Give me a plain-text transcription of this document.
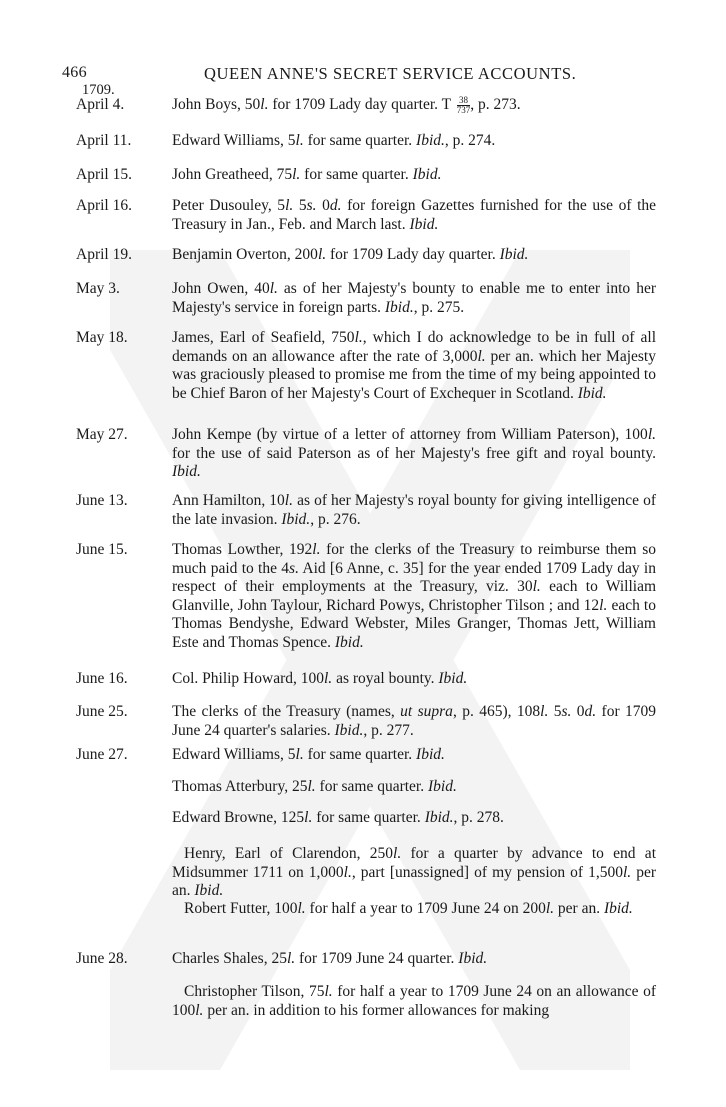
466	QUEEN ANNE'S SECRET SERVICE ACCOUNTS.
1709.
April 4.	John Boys, 50l. for 1709 Lady day quarter. T $\frac{38}{737}$ , p. 273.
April 11.	Edward Williams, 5l. for same quarter. Ibid., p. 274.
April 15.	John Greatheed, 75l. for same quarter. Ibid.
April 16.	Peter Dusouley, 5l. 5s. 0d. for foreign Gazettes furnished for the use of the Treasury in Jan., Feb. and March last. Ibid.
April 19.	Benjamin Overton, 200l. for 1709 Lady day quarter. Ibid.
May 3.	John Owen, 40l. as of her Majesty's bounty to enable me to enter into her Majesty's service in foreign parts. Ibid., p. 275.
May 18.	James, Earl of Seafield, 750l., which I do acknowledge to be in full of all demands on an allowance after the rate of 3,000l. per an. which her Majesty was graciously pleased to promise me from the time of my being appointed to be Chief Baron of her Majesty's Court of Exchequer in Scotland. Ibid.
May 27.	John Kempe (by virtue of a letter of attorney from William Paterson), 100l. for the use of said Paterson as of her Majesty's free gift and royal bounty. Ibid.
June 13.	Ann Hamilton, 10l. as of her Majesty's royal bounty for giving intelligence of the late invasion. Ibid., p. 276.
June 15.	Thomas Lowther, 192l. for the clerks of the Treasury to reimburse them so much paid to the 4s. Aid [6 Anne, c. 35] for the year ended 1709 Lady day in respect of their employments at the Treasury, viz. 30l. each to William Glanville, John Taylour, Richard Powys, Christopher Tilson ; and 12l. each to Thomas Bendyshe, Edward Webster, Miles Granger, Thomas Jett, William Este and Thomas Spence. Ibid.
June 16.	Col. Philip Howard, 100l. as royal bounty. Ibid.
June 25.	The clerks of the Treasury (names, ut supra, p. 465), 108l. 5s. 0d. for 1709 June 24 quarter's salaries. Ibid., p. 277.
June 27.	Edward Williams, 5l. for same quarter. Ibid.
Thomas Atterbury, 25l. for same quarter. Ibid.
Edward Browne, 125l. for same quarter. Ibid., p. 278.
Henry, Earl of Clarendon, 250l. for a quarter by advance to end at Midsummer 1711 on 1,000l., part [unassigned] of my pension of 1,500l. per an. Ibid.
Robert Futter, 100l. for half a year to 1709 June 24 on 200l. per an. Ibid.
June 28.	Charles Shales, 25l. for 1709 June 24 quarter. Ibid.
Christopher Tilson, 75l. for half a year to 1709 June 24 on an allowance of 100l. per an. in addition to his former allowances for making
